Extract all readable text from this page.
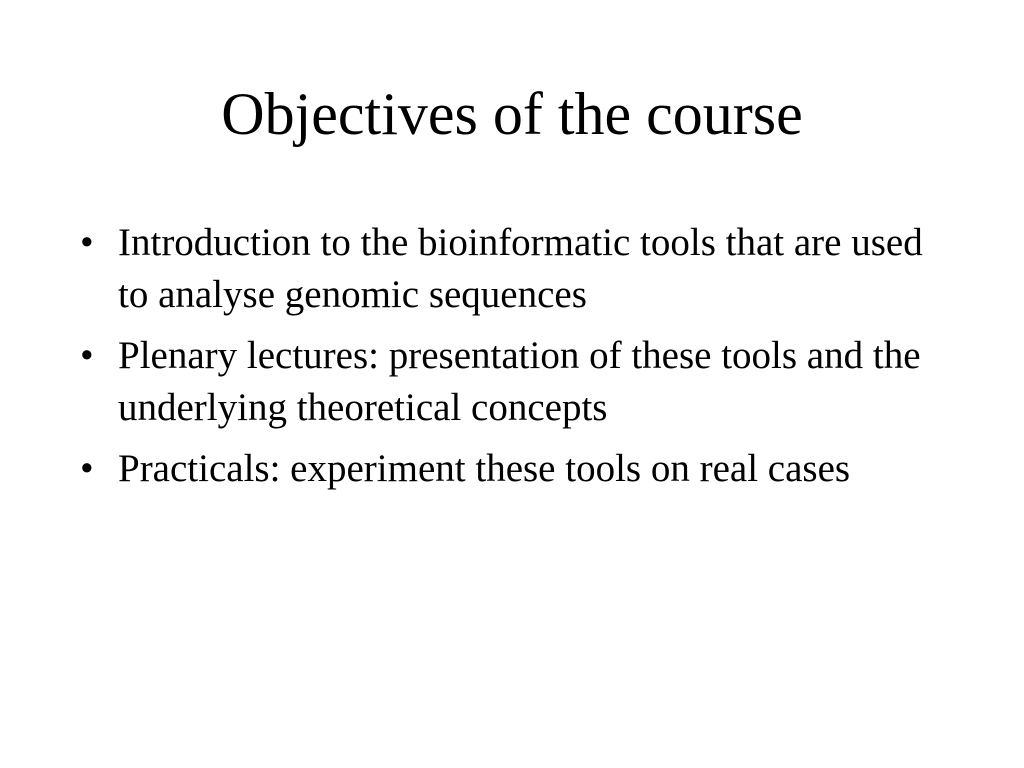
Objectives of the course
• Introduction to the bioinformatic tools that are used to analyse genomic sequences
• Plenary lectures: presentation of these tools and the underlying theoretical concepts
• Practicals: experiment these tools on real cases
